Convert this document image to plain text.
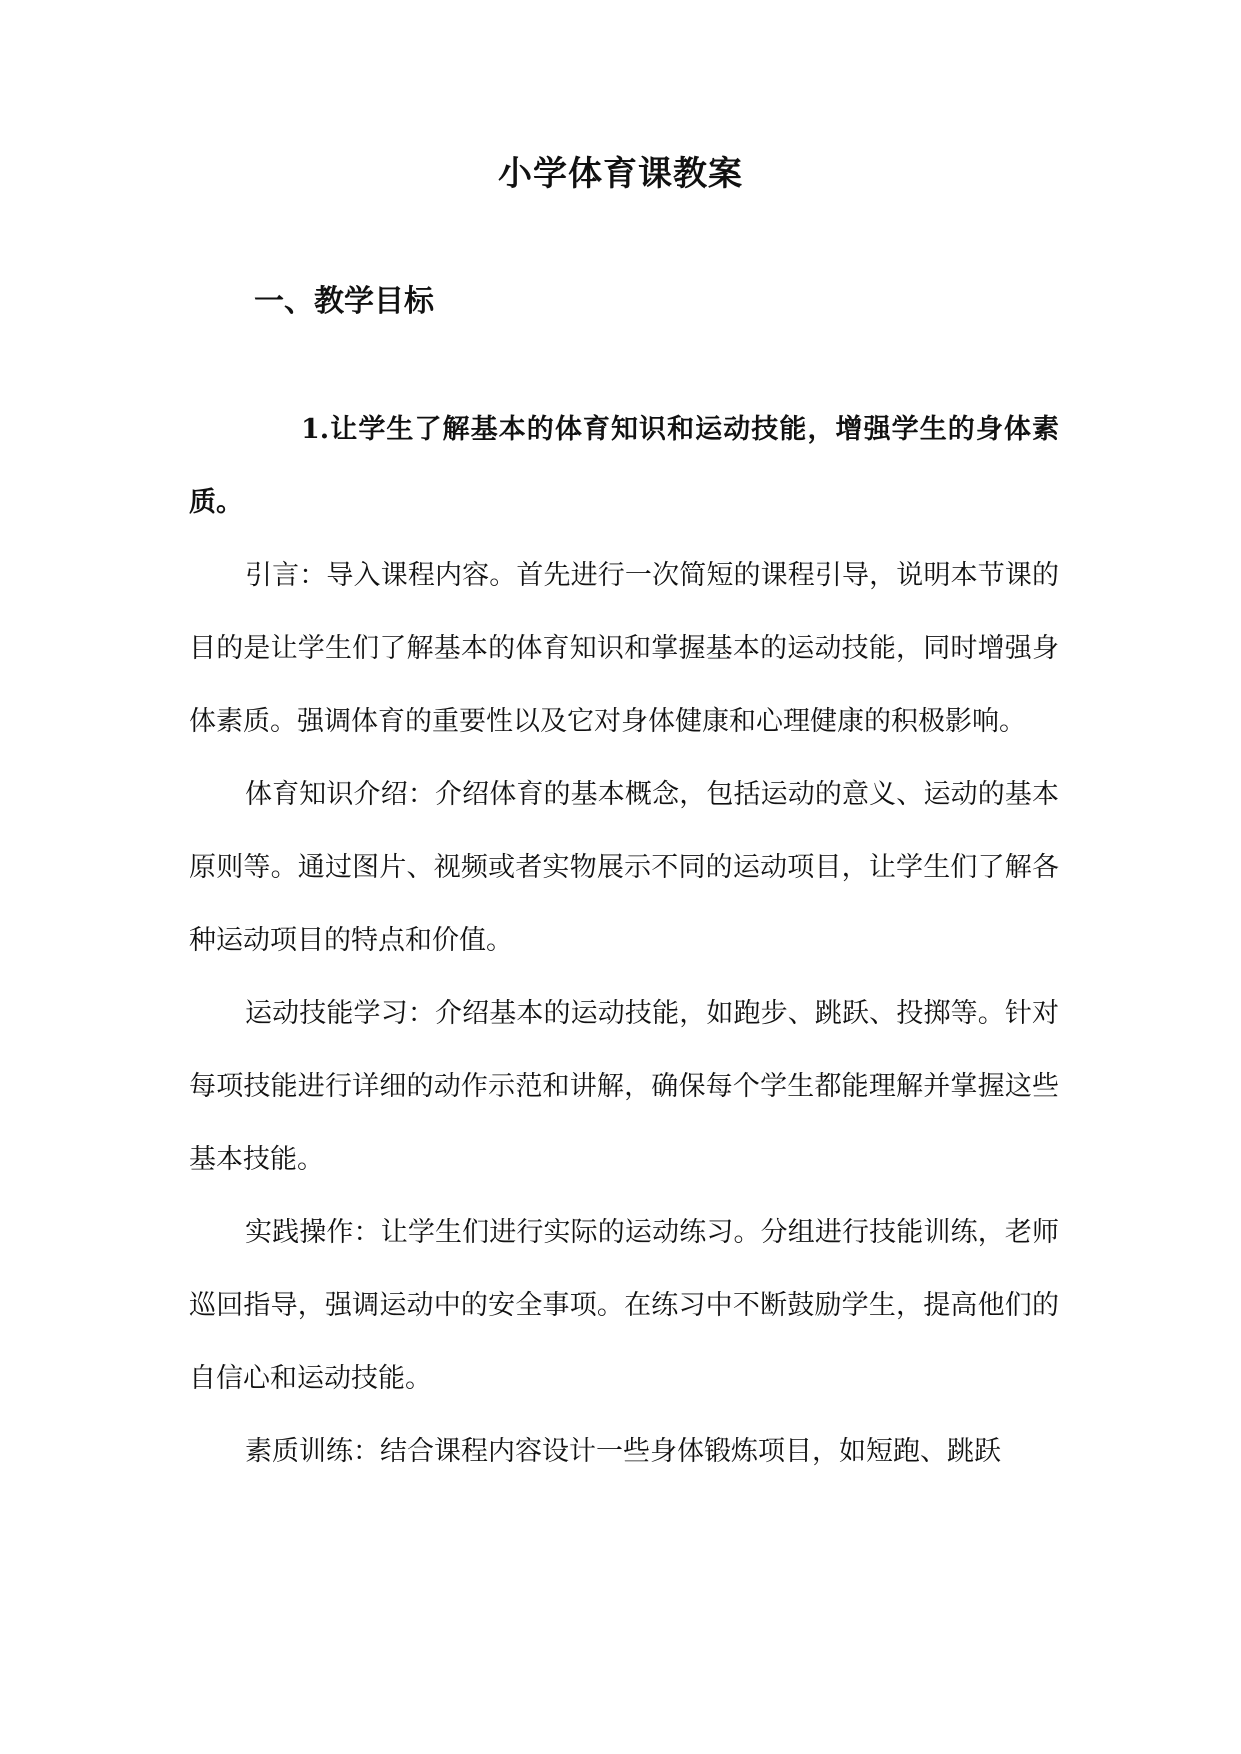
小学体育课教案
一、教学目标

1.让学生了解基本的体育知识和运动技能，增强学生的身体素质。

引言：导入课程内容。首先进行一次简短的课程引导，说明本节课的目的是让学生们了解基本的体育知识和掌握基本的运动技能，同时增强身体素质。强调体育的重要性以及它对身体健康和心理健康的积极影响。

体育知识介绍：介绍体育的基本概念，包括运动的意义、运动的基本原则等。通过图片、视频或者实物展示不同的运动项目，让学生们了解各种运动项目的特点和价值。

运动技能学习：介绍基本的运动技能，如跑步、跳跃、投掷等。针对每项技能进行详细的动作示范和讲解，确保每个学生都能理解并掌握这些基本技能。

实践操作：让学生们进行实际的运动练习。分组进行技能训练，老师巡回指导，强调运动中的安全事项。在练习中不断鼓励学生，提高他们的自信心和运动技能。

素质训练：结合课程内容设计一些身体锻炼项目，如短跑、跳跃
